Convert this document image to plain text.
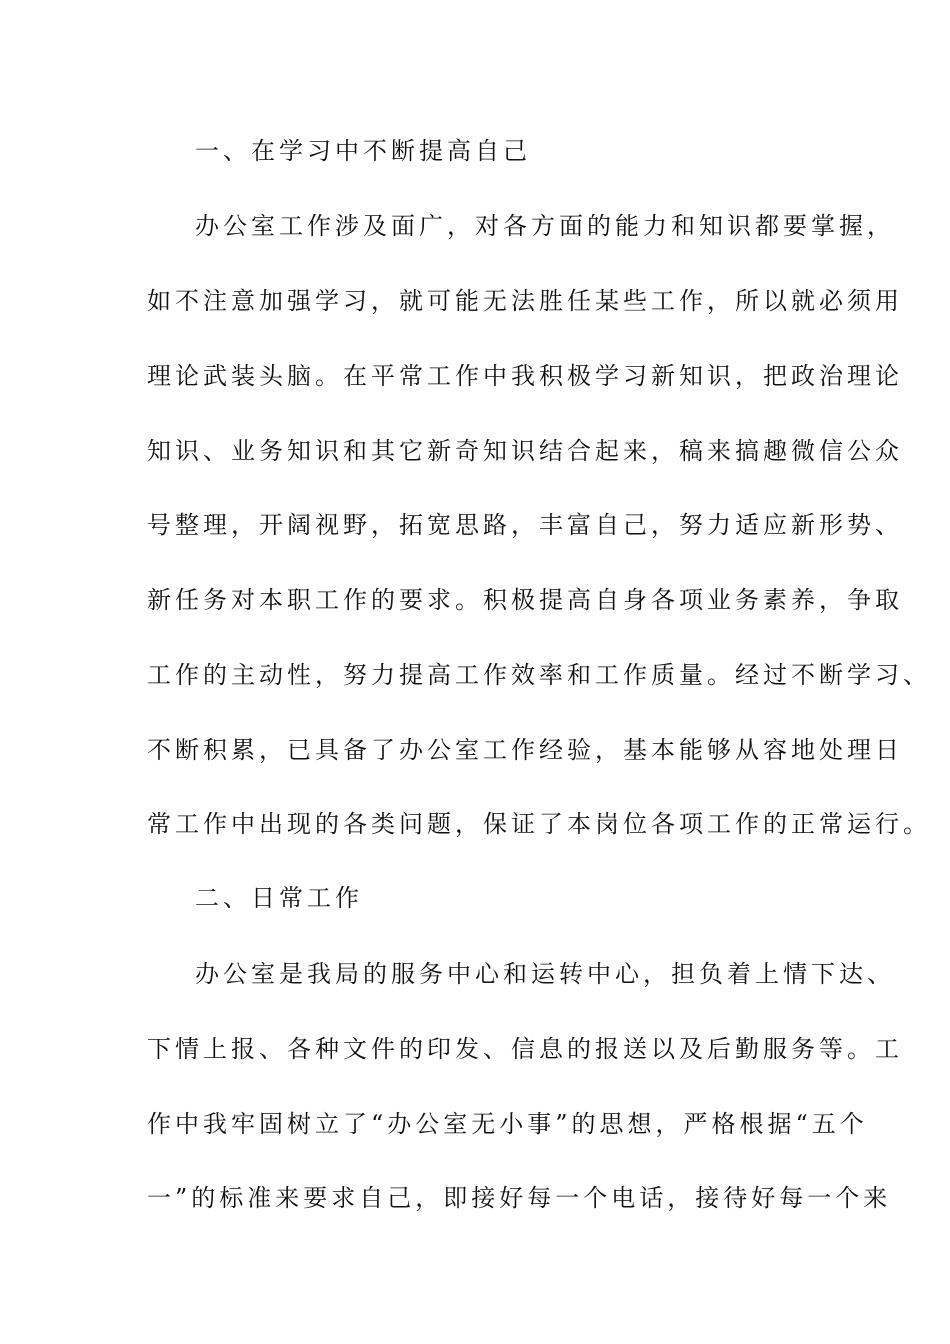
一、在学习中不断提高自己
办公室工作涉及面广，对各方面的能力和知识都要掌握，
如不注意加强学习，就可能无法胜任某些工作，所以就必须用
理论武装头脑。在平常工作中我积极学习新知识，把政治理论
知识、业务知识和其它新奇知识结合起来，稿来搞趣微信公众
号整理，开阔视野，拓宽思路，丰富自己，努力适应新形势、
新任务对本职工作的要求。积极提高自身各项业务素养，争取
工作的主动性，努力提高工作效率和工作质量。经过不断学习、
不断积累，已具备了办公室工作经验，基本能够从容地处理日
常工作中出现的各类问题，保证了本岗位各项工作的正常运行。
二、日常工作
办公室是我局的服务中心和运转中心，担负着上情下达、
下情上报、各种文件的印发、信息的报送以及后勤服务等。工
作中我牢固树立了“办公室无小事”的思想，严格根据“五个
一”的标准来要求自己，即接好每一个电话，接待好每一个来
